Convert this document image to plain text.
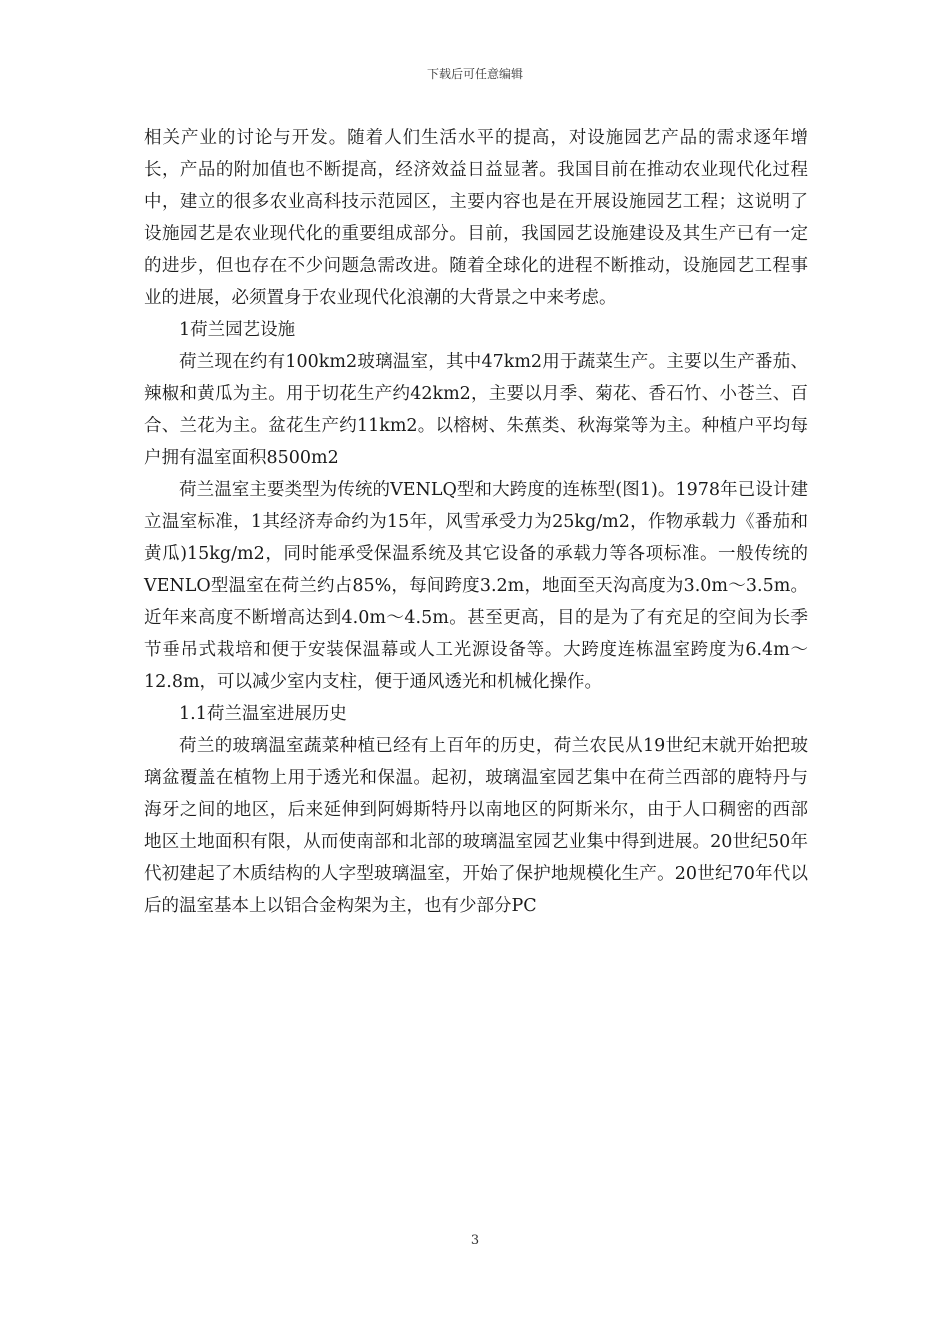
下载后可任意编辑

相关产业的讨论与开发。随着人们生活水平的提高，对设施园艺产品的需求逐年增长，产品的附加值也不断提高，经济效益日益显著。我国目前在推动农业现代化过程中，建立的很多农业高科技示范园区，主要内容也是在开展设施园艺工程；这说明了设施园艺是农业现代化的重要组成部分。目前，我国园艺设施建设及其生产已有一定的进步，但也存在不少问题急需改进。随着全球化的进程不断推动，设施园艺工程事业的进展，必须置身于农业现代化浪潮的大背景之中来考虑。

1荷兰园艺设施

荷兰现在约有100km2玻璃温室，其中47km2用于蔬菜生产。主要以生产番茄、辣椒和黄瓜为主。用于切花生产约42km2，主要以月季、菊花、香石竹、小苍兰、百合、兰花为主。盆花生产约11km2。以榕树、朱蕉类、秋海棠等为主。种植户平均每户拥有温室面积8500m2

荷兰温室主要类型为传统的VENLQ型和大跨度的连栋型(图1)。1978年已设计建立温室标准，1其经济寿命约为15年，风雪承受力为25kg/m2，作物承载力《番茄和黄瓜)15kg/m2，同时能承受保温系统及其它设备的承载力等各项标准。一般传统的VENLO型温室在荷兰约占85%，每间跨度3.2m，地面至天沟高度为3.0m～3.5m。近年来高度不断增高达到4.0m～4.5m。甚至更高，目的是为了有充足的空间为长季节垂吊式栽培和便于安装保温幕或人工光源设备等。大跨度连栋温室跨度为6.4m～12.8m，可以减少室内支柱，便于通风透光和机械化操作。

1.1荷兰温室进展历史

荷兰的玻璃温室蔬菜种植已经有上百年的历史，荷兰农民从19世纪末就开始把玻璃盆覆盖在植物上用于透光和保温。起初，玻璃温室园艺集中在荷兰西部的鹿特丹与海牙之间的地区，后来延伸到阿姆斯特丹以南地区的阿斯米尔，由于人口稠密的西部地区土地面积有限，从而使南部和北部的玻璃温室园艺业集中得到进展。20世纪50年代初建起了木质结构的人字型玻璃温室，开始了保护地规模化生产。20世纪70年代以后的温室基本上以铝合金构架为主，也有少部分PC

3
